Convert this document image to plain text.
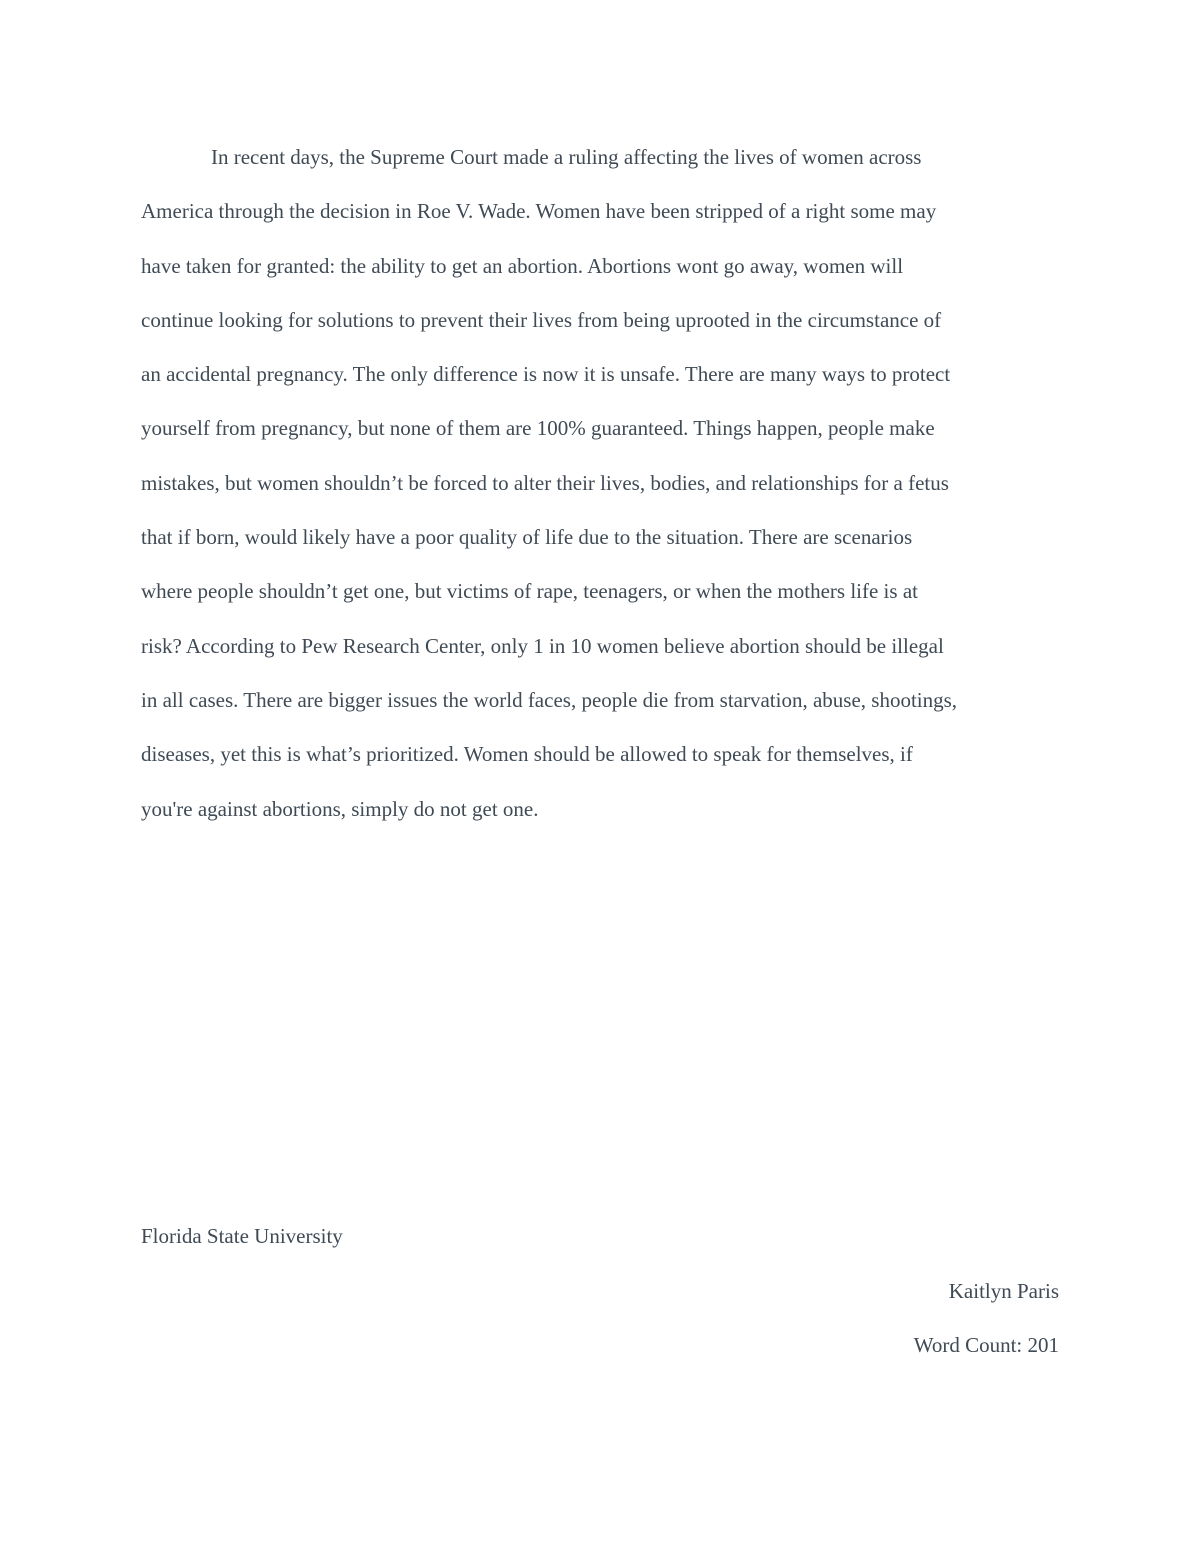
In recent days, the Supreme Court made a ruling affecting the lives of women across
America through the decision in Roe V. Wade. Women have been stripped of a right some may
have taken for granted: the ability to get an abortion. Abortions wont go away, women will
continue looking for solutions to prevent their lives from being uprooted in the circumstance of
an accidental pregnancy. The only difference is now it is unsafe. There are many ways to protect
yourself from pregnancy, but none of them are 100% guaranteed. Things happen, people make
mistakes, but women shouldn’t be forced to alter their lives, bodies, and relationships for a fetus
that if born, would likely have a poor quality of life due to the situation. There are scenarios
where people shouldn’t get one, but victims of rape, teenagers, or when the mothers life is at
risk? According to Pew Research Center, only 1 in 10 women believe abortion should be illegal
in all cases. There are bigger issues the world faces, people die from starvation, abuse, shootings,
diseases, yet this is what’s prioritized. Women should be allowed to speak for themselves, if
you're against abortions, simply do not get one.
Florida State University
Kaitlyn Paris
Word Count: 201
